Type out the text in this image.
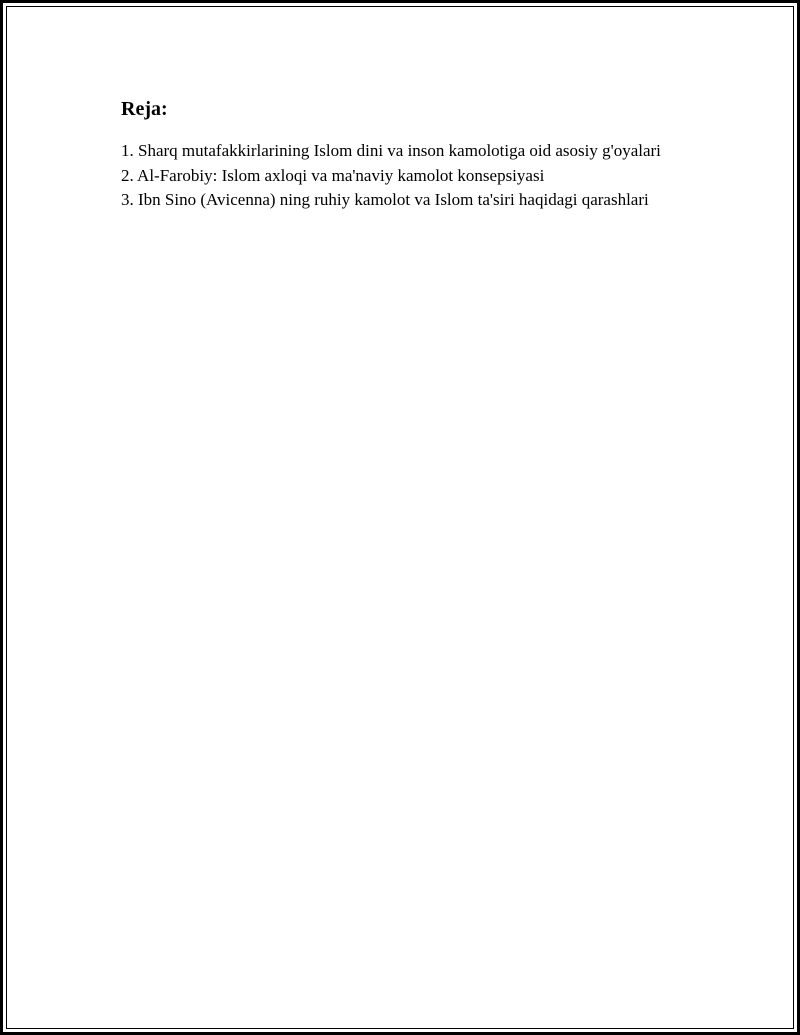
Reja:
1. Sharq mutafakkirlarining Islom dini va inson kamolotiga oid asosiy g'oyalari
2. Al-Farobiy: Islom axloqi va ma'naviy kamolot konsepsiyasi
3. Ibn Sino (Avicenna) ning ruhiy kamolot va Islom ta'siri haqidagi qarashlari
